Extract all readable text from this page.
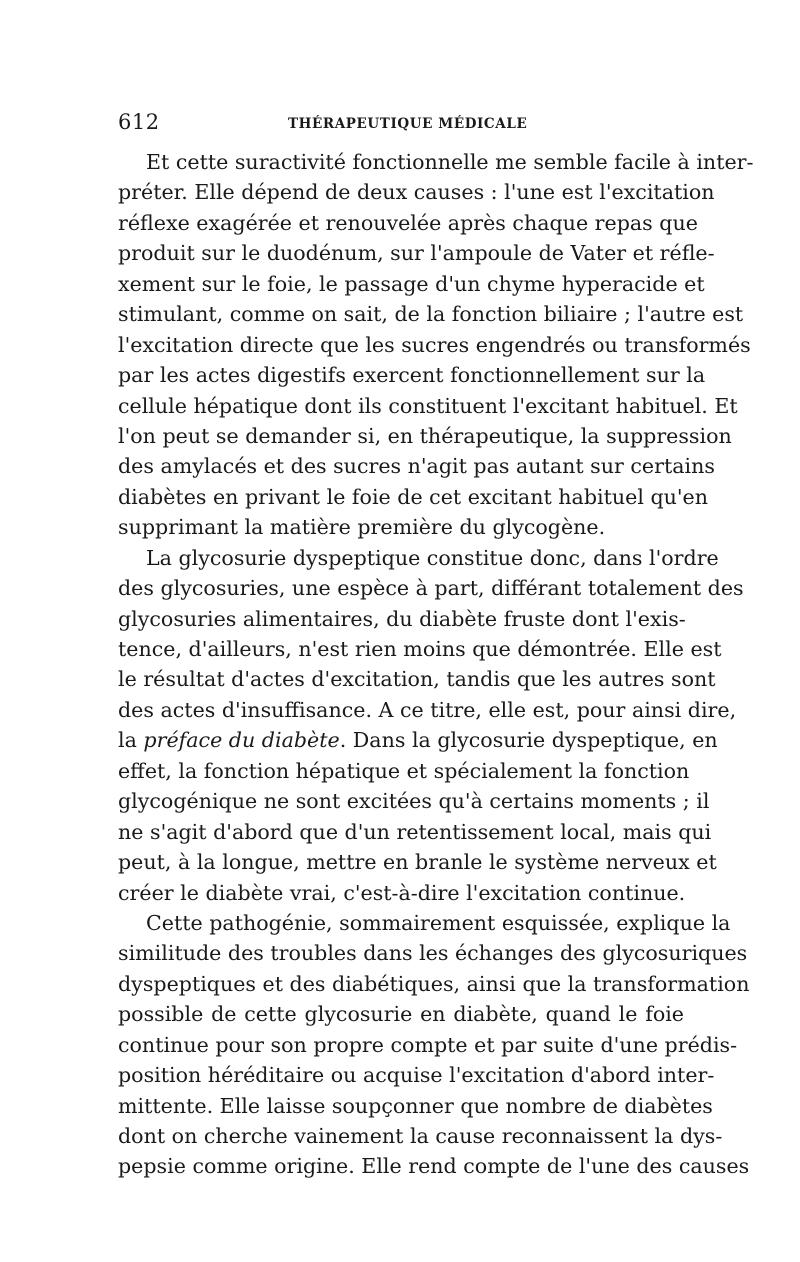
612	THÉRAPEUTIQUE MÉDICALE
Et cette suractivité fonctionnelle me semble facile à inter-
préter. Elle dépend de deux causes : l'une est l'excitation
réflexe exagérée et renouvelée après chaque repas que
produit sur le duodénum, sur l'ampoule de Vater et réfle-
xement sur le foie, le passage d'un chyme hyperacide et
stimulant, comme on sait, de la fonction biliaire ; l'autre est
l'excitation directe que les sucres engendrés ou transformés
par les actes digestifs exercent fonctionnellement sur la
cellule hépatique dont ils constituent l'excitant habituel. Et
l'on peut se demander si, en thérapeutique, la suppression
des amylacés et des sucres n'agit pas autant sur certains
diabètes en privant le foie de cet excitant habituel qu'en
supprimant la matière première du glycogène.
La glycosurie dyspeptique constitue donc, dans l'ordre
des glycosuries, une espèce à part, différant totalement des
glycosuries alimentaires, du diabète fruste dont l'exis-
tence, d'ailleurs, n'est rien moins que démontrée. Elle est
le résultat d'actes d'excitation, tandis que les autres sont
des actes d'insuffisance. A ce titre, elle est, pour ainsi dire,
la préface du diabète. Dans la glycosurie dyspeptique, en
effet, la fonction hépatique et spécialement la fonction
glycogénique ne sont excitées qu'à certains moments ; il
ne s'agit d'abord que d'un retentissement local, mais qui
peut, à la longue, mettre en branle le système nerveux et
créer le diabète vrai, c'est-à-dire l'excitation continue.
Cette pathogénie, sommairement esquissée, explique la
similitude des troubles dans les échanges des glycosuriques
dyspeptiques et des diabétiques, ainsi que la transformation
possible de cette glycosurie en diabète, quand le foie
continue pour son propre compte et par suite d'une prédis-
position héréditaire ou acquise l'excitation d'abord inter-
mittente. Elle laisse soupçonner que nombre de diabètes
dont on cherche vainement la cause reconnaissent la dys-
pepsie comme origine. Elle rend compte de l'une des causes
